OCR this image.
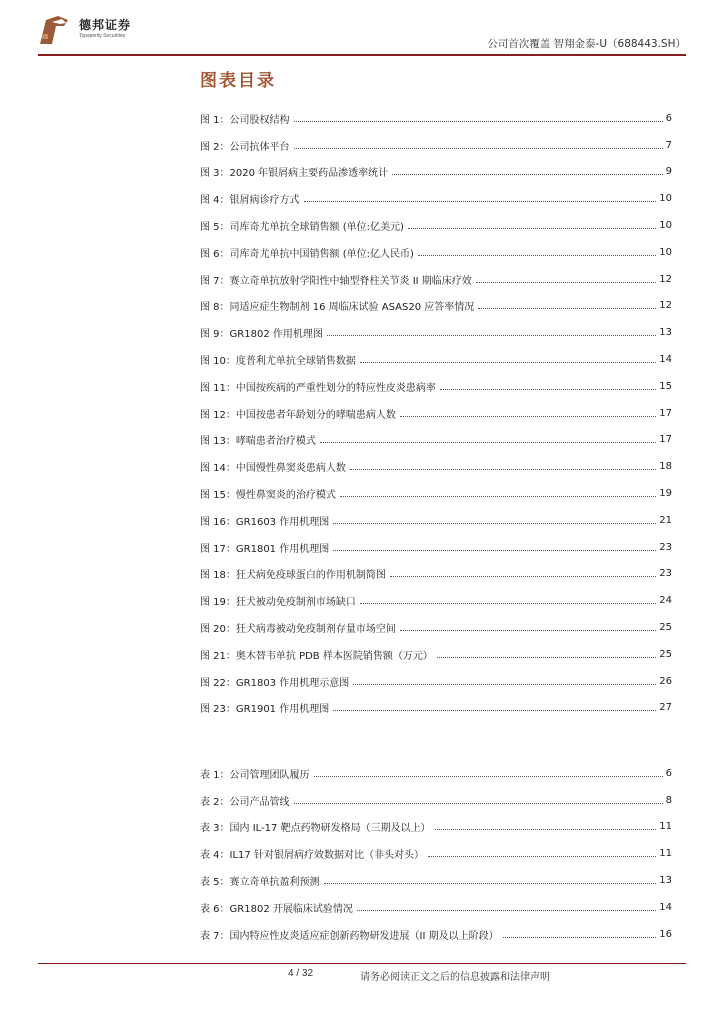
德邦证券
Topsperity Securities
公司首次覆盖 智翔金泰-U（688443.SH）
图表目录
图 1：公司股权结构	6
图 2：公司抗体平台	7
图 3：2020 年银屑病主要药品渗透率统计	9
图 4：银屑病诊疗方式	10
图 5：司库奇尤单抗全球销售额 (单位:亿美元)	10
图 6：司库奇尤单抗中国销售额 (单位:亿人民币)	10
图 7：赛立奇单抗放射学阳性中轴型脊柱关节炎 II 期临床疗效	12
图 8：同适应症生物制剂 16 周临床试验 ASAS20 应答率情况	12
图 9：GR1802 作用机理图	13
图 10：度普利尤单抗全球销售数据	14
图 11：中国按疾病的严重性划分的特应性皮炎患病率	15
图 12：中国按患者年龄划分的哮喘患病人数	17
图 13：哮喘患者治疗模式	17
图 14：中国慢性鼻窦炎患病人数	18
图 15：慢性鼻窦炎的治疗模式	19
图 16：GR1603 作用机理图	21
图 17：GR1801 作用机理图	23
图 18：狂犬病免疫球蛋白的作用机制简图	23
图 19：狂犬被动免疫制剂市场缺口	24
图 20：狂犬病毒被动免疫制剂存量市场空间	25
图 21：奥木替韦单抗 PDB 样本医院销售额（万元）	25
图 22：GR1803 作用机理示意图	26
图 23：GR1901 作用机理图	27
表 1：公司管理团队履历	6
表 2：公司产品管线	8
表 3：国内 IL-17 靶点药物研发格局（三期及以上）	11
表 4：IL17 针对银屑病疗效数据对比（非头对头）	11
表 5：赛立奇单抗盈利预测	13
表 6：GR1802 开展临床试验情况	14
表 7：国内特应性皮炎适应症创新药物研发进展（II 期及以上阶段）	16
4 / 32	请务必阅读正文之后的信息披露和法律声明
